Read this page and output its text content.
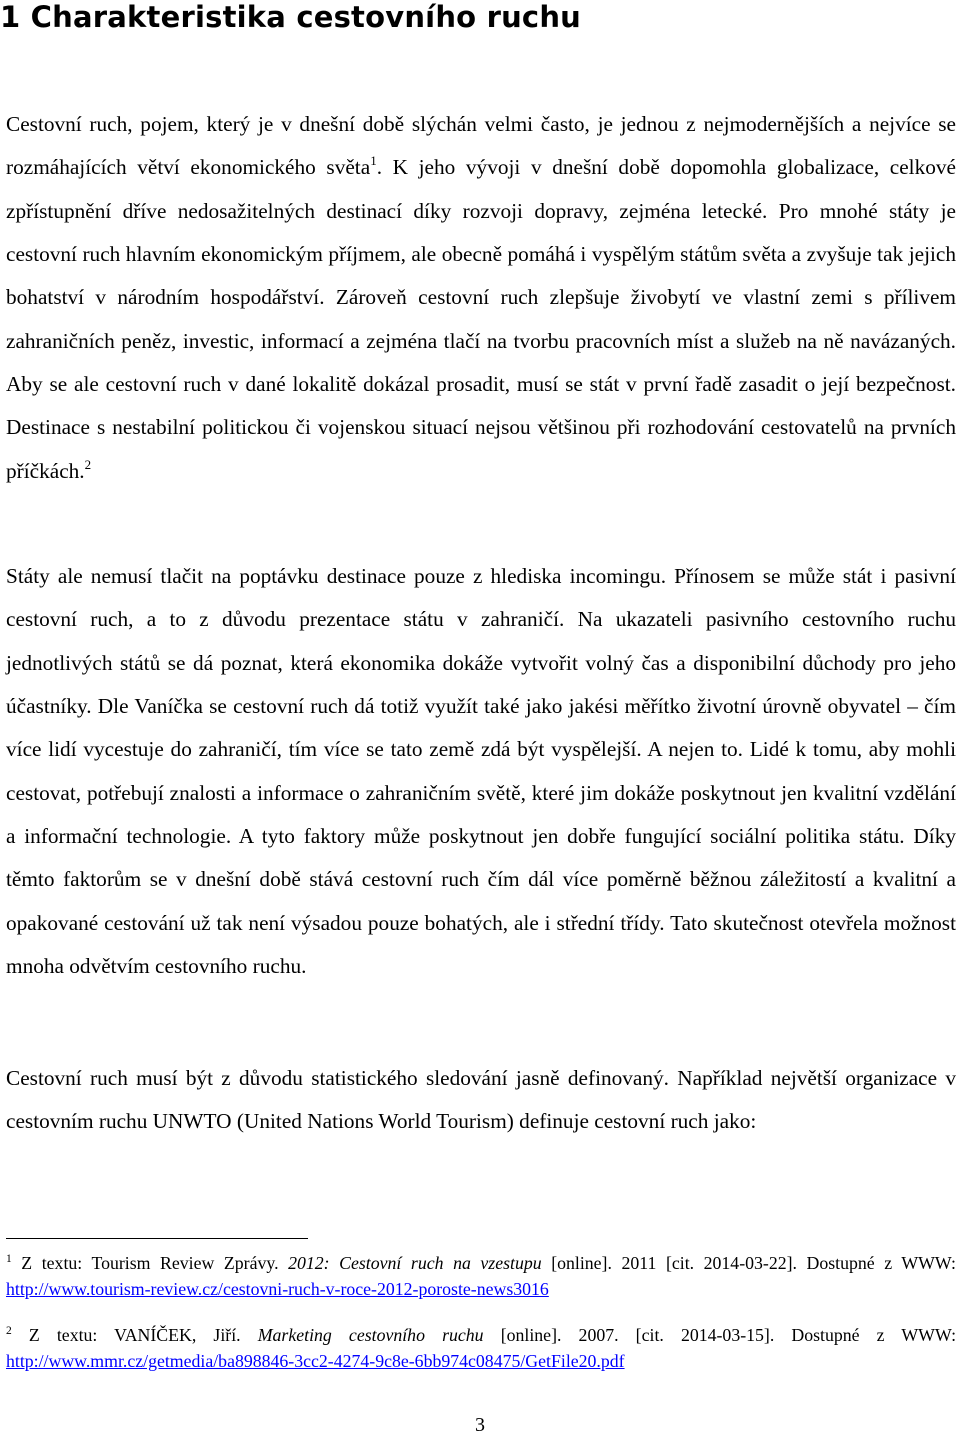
1 Charakteristika cestovního ruchu

Cestovní ruch, pojem, který je v dnešní době slýchán velmi často, je jednou z nejmodernějších a nejvíce se rozmáhajících větví ekonomického světa$^1$. K jeho vývoji v dnešní době dopomohla globalizace, celkové zpřístupnění dříve nedosažitelných destinací díky rozvoji dopravy, zejména letecké. Pro mnohé státy je cestovní ruch hlavním ekonomickým příjmem, ale obecně pomáhá i vyspělým státům světa a zvyšuje tak jejich bohatství v národním hospodářství. Zároveň cestovní ruch zlepšuje živobytí ve vlastní zemi s přílivem zahraničních peněz, investic, informací a zejména tlačí na tvorbu pracovních míst a služeb na ně navázaných. Aby se ale cestovní ruch v dané lokalitě dokázal prosadit, musí se stát v první řadě zasadit o její bezpečnost. Destinace s nestabilní politickou či vojenskou situací nejsou většinou při rozhodování cestovatelů na prvních příčkách.$^2$

Státy ale nemusí tlačit na poptávku destinace pouze z hlediska incomingu. Přínosem se může stát i pasivní cestovní ruch, a to z důvodu prezentace státu v zahraničí. Na ukazateli pasivního cestovního ruchu jednotlivých států se dá poznat, která ekonomika dokáže vytvořit volný čas a disponibilní důchody pro jeho účastníky. Dle Vaníčka se cestovní ruch dá totiž využít také jako jakési měřítko životní úrovně obyvatel – čím více lidí vycestuje do zahraničí, tím více se tato země zdá být vyspělejší. A nejen to. Lidé k tomu, aby mohli cestovat, potřebují znalosti a informace o zahraničním světě, které jim dokáže poskytnout jen kvalitní vzdělání a informační technologie. A tyto faktory může poskytnout jen dobře fungující sociální politika státu. Díky těmto faktorům se v dnešní době stává cestovní ruch čím dál více poměrně běžnou záležitostí a kvalitní a opakované cestování už tak není výsadou pouze bohatých, ale i střední třídy. Tato skutečnost otevřela možnost mnoha odvětvím cestovního ruchu.

Cestovní ruch musí být z důvodu statistického sledování jasně definovaný. Například největší organizace v cestovním ruchu UNWTO (United Nations World Tourism) definuje cestovní ruch jako:

$^1$ Z textu: Tourism Review Zprávy. 2012: Cestovní ruch na vzestupu [online]. 2011 [cit. 2014-03-22]. Dostupné z WWW: http://www.tourism-review.cz/cestovni-ruch-v-roce-2012-poroste-news3016

$^2$ Z textu: VANÍČEK, Jiří. Marketing cestovního ruchu [online]. 2007. [cit. 2014-03-15]. Dostupné z WWW: http://www.mmr.cz/getmedia/ba898846-3cc2-4274-9c8e-6bb974c08475/GetFile20.pdf

3
